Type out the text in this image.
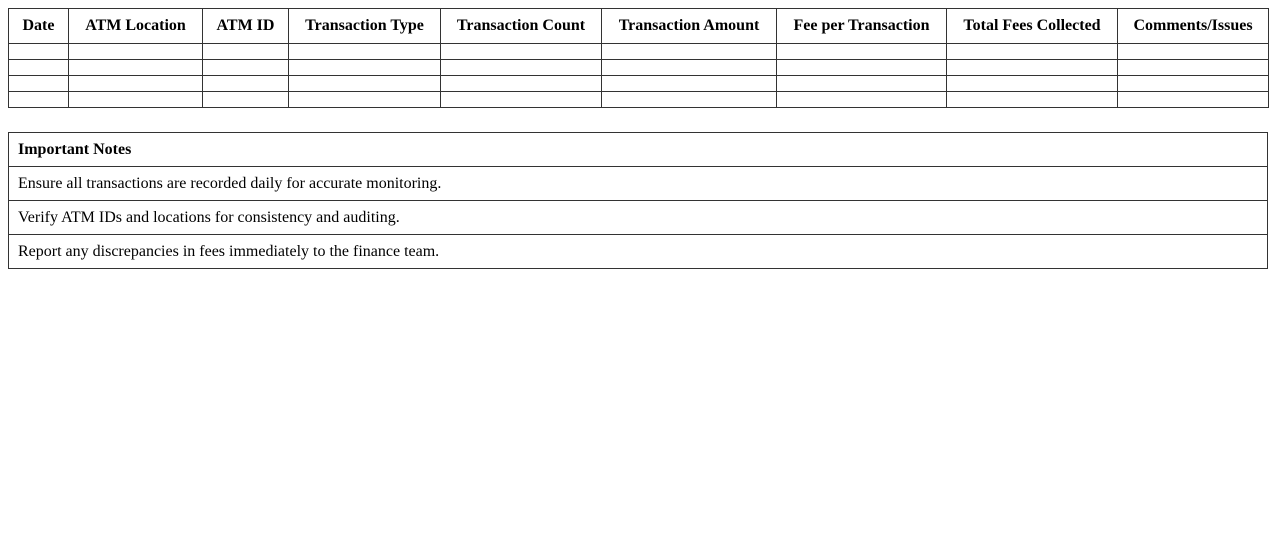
Date	ATM Location	ATM ID	Transaction Type	Transaction Count	Transaction Amount	Fee per Transaction	Total Fees Collected	Comments/Issues

Important Notes
Ensure all transactions are recorded daily for accurate monitoring.
Verify ATM IDs and locations for consistency and auditing.
Report any discrepancies in fees immediately to the finance team.
